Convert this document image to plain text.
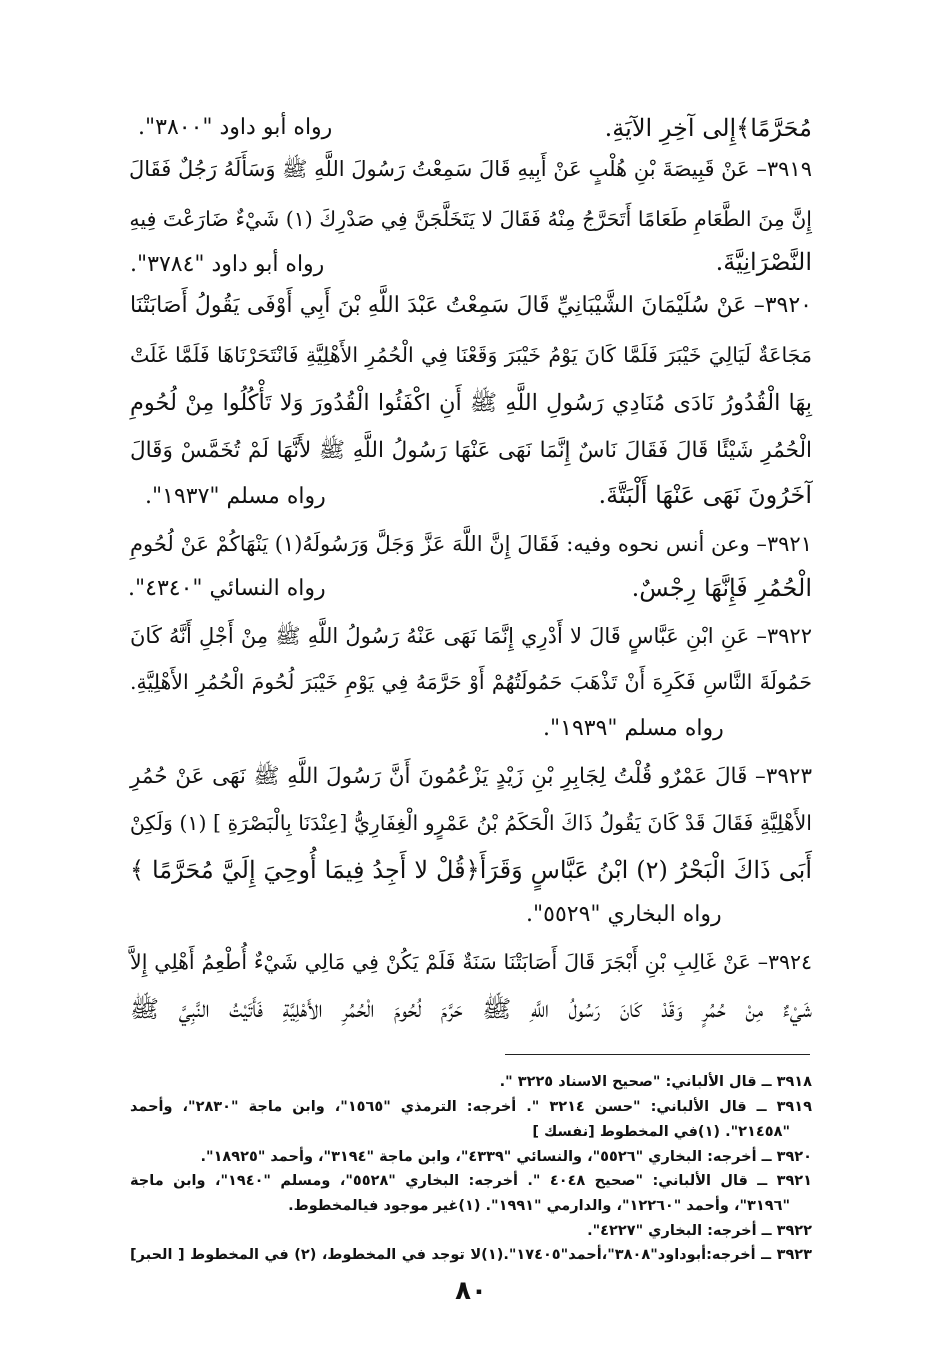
مُحَرَّمًا﴾إِلى آخِرِ الآيَةِ.
رواه أبو داود "٣٨٠٠".
٣٩١٩– عَنْ قَبِيصَةَ بْنِ هُلْبٍ عَنْ أَبِيهِ قَالَ سَمِعْتُ رَسُولَ اللَّهِ ﷺ وَسَأَلَهُ رَجُلٌ فَقَالَ
إِنَّ مِنَ الطَّعَامِ طَعَامًا أَتَحَرَّجُ مِنْهُ فَقَالَ لا يَتَخَلَّجَنَّ فِي صَدْرِكَ (١) شَيْءٌ ضَارَعْتَ فِيهِ
النَّصْرَانِيَّةَ.
رواه أبو داود "٣٧٨٤".
٣٩٢٠– عَنْ سُلَيْمَانَ الشَّيْبَانِيِّ قَالَ سَمِعْتُ عَبْدَ اللَّهِ بْنَ أَبِي أَوْفَى يَقُولُ أَصَابَتْنَا
مَجَاعَةٌ لَيَالِيَ خَيْبَرَ فَلَمَّا كَانَ يَوْمُ خَيْبَرَ وَقَعْنَا فِي الْحُمُرِ الأَهْلِيَّةِ فَانْتَحَرْنَاهَا فَلَمَّا غَلَتْ
بِهَا الْقُدُورُ نَادَى مُنَادِي رَسُولِ اللَّهِ ﷺ أَنِ اكْفَئُوا الْقُدُورَ وَلا تَأْكُلُوا مِنْ لُحُومِ
الْحُمُرِ شَيْئًا قَالَ فَقَالَ نَاسٌ إِنَّمَا نَهَى عَنْهَا رَسُولُ اللَّهِ ﷺ لأَنَّهَا لَمْ تُخَمَّسْ وَقَالَ
آخَرُونَ نَهَى عَنْهَا أَلْبَتَّةَ.
رواه مسلم "١٩٣٧".
٣٩٢١– وعن أنس نحوه وفيه: فَقَالَ إِنَّ اللَّهَ عَزَّ وَجَلَّ وَرَسُولَهُ(١) يَنْهَاكُمْ عَنْ لُحُومِ
الْحُمُرِ فَإِنَّهَا رِجْسٌ.
رواه النسائي "٤٣٤٠".
٣٩٢٢– عَنِ ابْنِ عَبَّاسٍ قَالَ لا أَدْرِي إِنَّمَا نَهَى عَنْهُ رَسُولُ اللَّهِ ﷺ مِنْ أَجْلِ أَنَّهُ كَانَ
حَمُولَةَ النَّاسِ فَكَرِهَ أَنْ تَذْهَبَ حَمُولَتُهُمْ أَوْ حَرَّمَهُ فِي يَوْمِ خَيْبَرَ لُحُومَ الْحُمُرِ الأَهْلِيَّةِ.
رواه مسلم "١٩٣٩".
٣٩٢٣– قَالَ عَمْرٌو قُلْتُ لِجَابِرِ بْنِ زَيْدٍ يَزْعُمُونَ أَنَّ رَسُولَ اللَّهِ ﷺ نَهَى عَنْ حُمُرِ
الأَهْلِيَّةِ فَقَالَ قَدْ كَانَ يَقُولُ ذَاكَ الْحَكَمُ بْنُ عَمْرٍو الْغِفَارِيُّ [عِنْدَنَا بِالْبَصْرَةِ ] (١) وَلَكِنْ
أَبَى ذَاكَ الْبَحْرُ (٢) ابْنُ عَبَّاسٍ وَقَرَأَ﴿قُلْ لا أَجِدُ فِيمَا أُوحِيَ إِلَيَّ مُحَرَّمًا ﴾
رواه البخاري "٥٥٢٩".
٣٩٢٤– عَنْ غَالِبِ بْنِ أَبْجَرَ قَالَ أَصَابَتْنَا سَنَةٌ فَلَمْ يَكُنْ فِي مَالِي شَيْءٌ أُطْعِمُ أَهْلِي إِلاَّ
شَيْءٌ مِنْ حُمُرٍ وَقَدْ كَانَ رَسُولُ اللَّهِ ﷺ حَرَّمَ لُحُومَ الْحُمُرِ الأَهْلِيَّةِ فَأَتَيْتُ النَّبِيَّ ﷺ
٣٩١٨ ــ قال الألباني: "صحيح الاسناد ٣٢٢٥ ".
٣٩١٩ ــ قال الألباني: "حسن ٣٢١٤ ". أخرجه: الترمذي "١٥٦٥"، وابن ماجة "٢٨٣٠"، وأحمد
"٢١٤٥٨". (١)في المخطوط [نفسك ]
٣٩٢٠ ــ أخرجه: البخاري "٥٥٢٦"، والنسائي "٤٣٣٩"، وابن ماجة "٣١٩٤"، وأحمد "١٨٩٢٥".
٣٩٢١ ــ قال الألباني: "صحيح ٤٠٤٨ ". أخرجه: البخاري "٥٥٢٨"، ومسلم "١٩٤٠"، وابن ماجة
"٣١٩٦"، وأحمد "١٢٢٦٠"، والدارمي "١٩٩١". (١)غير موجود فيالمخطوط.
٣٩٢٢ ــ أخرجه: البخاري "٤٢٢٧".
٣٩٢٣ ــ أخرجه:أبوداود"٣٨٠٨"،أحمد"١٧٤٠٥".(١)لا توجد في المخطوط، (٢) في المخطوط [ الحبر]
٨٠
